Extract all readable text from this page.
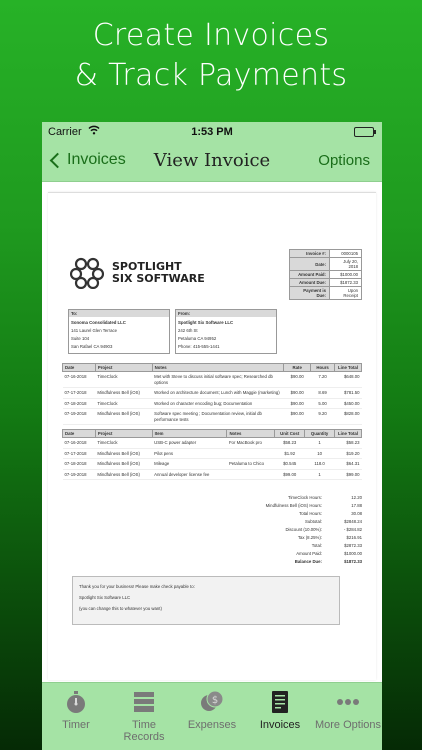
Create Invoices
& Track Payments
Carrier	1:53 PM
Invoices	View Invoice	Options
SPOTLIGHT
SIX SOFTWARE
Invoice #:	0000105
Date:	July 20, 2018
Amount Paid:	$1000.00
Amount Due:	$1872.33
Payment is Due:	Upon Receipt
To:
Sonoma Consolidated LLC
141 Laurel Glen Terrace
Suite 104
San Rafael CA 94903
From:
Spotlight Six Software LLC
242 6th St
Petaluma CA 94952
Phone: 415-555-1441
Date	Project	Notes	Rate	Hours	Line Total
07-16-2018	TimeClock	Met with Steve to discuss initial software spec; Researched db options	$90.00	7.20	$648.00
07-17-2018	Mindfulness Bell (iOS)	Worked on architecture document; Lunch with Maggie (marketing)	$90.00	8.69	$781.50
07-18-2018	TimeClock	Worked on character encoding bug; Documentation	$90.00	5.00	$450.00
07-19-2018	Mindfulness Bell (iOS)	Software spec meeting ; Documentation review, initial db performance tests	$90.00	9.20	$828.00
Date	Project	Item	Notes	Unit Cost	Quantity	Line Total
07-16-2018	TimeClock	USB-C power adapter	For MacBook pro	$58.23	1	$58.23
07-17-2018	Mindfulness Bell (iOS)	Pilot pens		$1.92	10	$19.20
07-18-2018	Mindfulness Bell (iOS)	Mileage	Petaluma to Chico	$0.545	118.0	$64.31
07-19-2018	Mindfulness Bell (iOS)	Annual developer license fee		$99.00	1	$99.00
TimeClock Hours:	12.20
Mindfulness Bell (iOS) Hours:	17.88
Total Hours:	30.08
Subtotal:	$2848.24
Discount (10.00%):	- $284.82
Tax (8.25%):	$216.91
Total:	$2872.33
Amount Paid:	$1000.00
Balance Due:	$1872.33
Thank you for your business! Please make check payable to:
Spotlight Six Software LLC
(you can change this to whatever you want)
Timer	Time Records
$
Expenses	Invoices	More Options
